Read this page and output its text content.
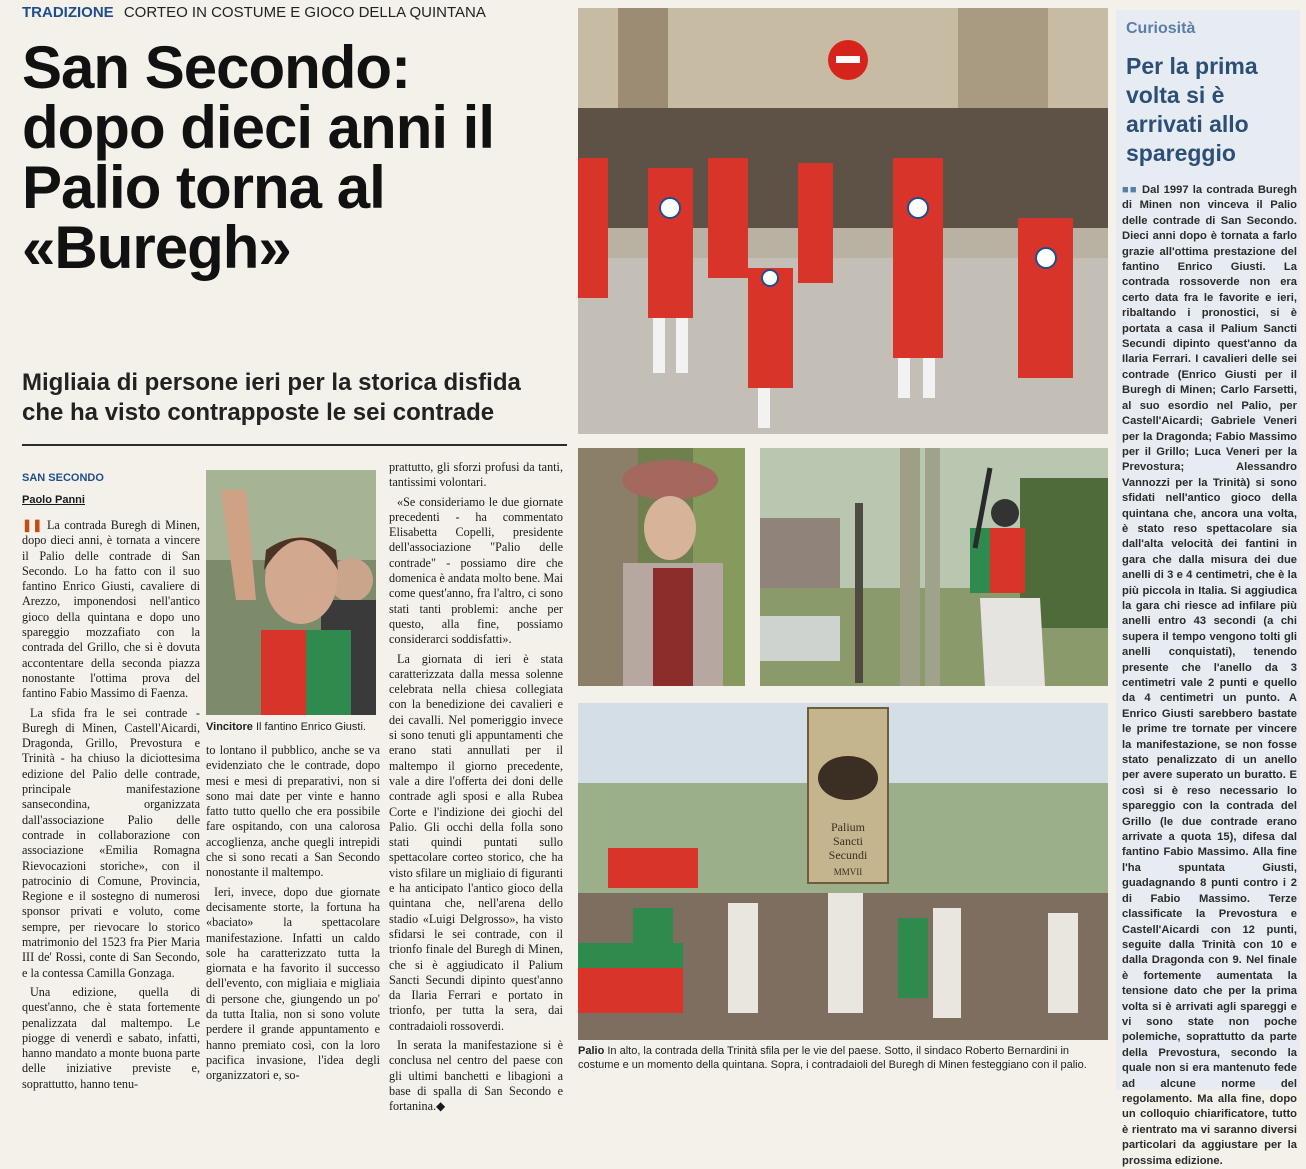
TRADIZIONE CORTEO IN COSTUME E GIOCO DELLA QUINTANA
San Secondo: dopo dieci anni il Palio torna al «Buregh»
Migliaia di persone ieri per la storica disfida che ha visto contrapposte le sei contrade
SAN SECONDO
Paolo Panni

❚❚ La contrada Buregh di Minen, dopo dieci anni, è tornata a vincere il Palio delle contrade di San Secondo. Lo ha fatto con il suo fantino Enrico Giusti, cavaliere di Arezzo, imponendosi nell'antico gioco della quintana e dopo uno spareggio mozzafiato con la contrada del Grillo, che si è dovuta accontentare della seconda piazza nonostante l'ottima prova del fantino Fabio Massimo di Faenza.

La sfida fra le sei contrade - Buregh di Minen, Castell'Aicardi, Dragonda, Grillo, Prevostura e Trinità - ha chiuso la diciottesima edizione del Palio delle contrade, principale manifestazione sansecondina, organizzata dall'associazione Palio delle contrade in collaborazione con associazione «Emilia Romagna Rievocazioni storiche», con il patrocinio di Comune, Provincia, Regione e il sostegno di numerosi sponsor privati e voluto, come sempre, per rievocare lo storico matrimonio del 1523 fra Pier Maria III de' Rossi, conte di San Secondo, e la contessa Camilla Gonzaga.

Una edizione, quella di quest'anno, che è stata fortemente penalizzata dal maltempo. Le piogge di venerdì e sabato, infatti, hanno mandato a monte buona parte delle iniziative previste e, soprattutto, hanno tenu-

Vincitore Il fantino Enrico Giusti.

to lontano il pubblico, anche se va evidenziato che le contrade, dopo mesi e mesi di preparativi, non si sono mai date per vinte e hanno fatto tutto quello che era possibile fare ospitando, con una calorosa accoglienza, anche quegli intrepidi che si sono recati a San Secondo nonostante il maltempo.

Ieri, invece, dopo due giornate decisamente storte, la fortuna ha «baciato» la spettacolare manifestazione. Infatti un caldo sole ha caratterizzato tutta la giornata e ha favorito il successo dell'evento, con migliaia e migliaia di persone che, giungendo un po' da tutta Italia, non si sono volute perdere il grande appuntamento e hanno premiato così, con la loro pacifica invasione, l'idea degli organizzatori e, so-

prattutto, gli sforzi profusi da tanti, tantissimi volontari.

«Se consideriamo le due giornate precedenti - ha commentato Elisabetta Copelli, presidente dell'associazione "Palio delle contrade" - possiamo dire che domenica è andata molto bene. Mai come quest'anno, fra l'altro, ci sono stati tanti problemi: anche per questo, alla fine, possiamo considerarci soddisfatti».

La giornata di ieri è stata caratterizzata dalla messa solenne celebrata nella chiesa collegiata con la benedizione dei cavalieri e dei cavalli. Nel pomeriggio invece si sono tenuti gli appuntamenti che erano stati annullati per il maltempo il giorno precedente, vale a dire l'offerta dei doni delle contrade agli sposi e alla Rubea Corte e l'indizione dei giochi del Palio. Gli occhi della folla sono stati quindi puntati sullo spettacolare corteo storico, che ha visto sfilare un migliaio di figuranti e ha anticipato l'antico gioco della quintana che, nell'arena dello stadio «Luigi Delgrosso», ha visto sfidarsi le sei contrade, con il trionfo finale del Buregh di Minen, che si è aggiudicato il Palium Sancti Secundi dipinto quest'anno da Ilaria Ferrari e portato in trionfo, per tutta la sera, dai contradaioli rossoverdi.

In serata la manifestazione si è conclusa nel centro del paese con gli ultimi banchetti e libagioni a base di spalla di San Secondo e fortanina.◆

Palium
Sancti
Secundi
MMVII
Palio In alto, la contrada della Trinità sfila per le vie del paese. Sotto, il sindaco Roberto Bernardini in costume e un momento della quintana. Sopra, i contradaioli del Buregh di Minen festeggiano con il palio.
Curiosità
Per la prima volta si è arrivati allo spareggio

■■ Dal 1997 la contrada Buregh di Minen non vinceva il Palio delle contrade di San Secondo. Dieci anni dopo è tornata a farlo grazie all'ottima prestazione del fantino Enrico Giusti. La contrada rossoverde non era certo data fra le favorite e ieri, ribaltando i pronostici, si è portata a casa il Palium Sancti Secundi dipinto quest'anno da Ilaria Ferrari. I cavalieri delle sei contrade (Enrico Giusti per il Buregh di Minen; Carlo Farsetti, al suo esordio nel Palio, per Castell'Aicardi; Gabriele Veneri per la Dragonda; Fabio Massimo per il Grillo; Luca Veneri per la Prevostura; Alessandro Vannozzi per la Trinità) si sono sfidati nell'antico gioco della quintana che, ancora una volta, è stato reso spettacolare sia dall'alta velocità dei fantini in gara che dalla misura dei due anelli di 3 e 4 centimetri, che è la più piccola in Italia. Si aggiudica la gara chi riesce ad infilare più anelli entro 43 secondi (a chi supera il tempo vengono tolti gli anelli conquistati), tenendo presente che l'anello da 3 centimetri vale 2 punti e quello da 4 centimetri un punto. A Enrico Giusti sarebbero bastate le prime tre tornate per vincere la manifestazione, se non fosse stato penalizzato di un anello per avere superato un buratto. E così si è reso necessario lo spareggio con la contrada del Grillo (le due contrade erano arrivate a quota 15), difesa dal fantino Fabio Massimo. Alla fine l'ha spuntata Giusti, guadagnando 8 punti contro i 2 di Fabio Massimo. Terze classificate la Prevostura e Castell'Aicardi con 12 punti, seguite dalla Trinità con 10 e dalla Dragonda con 9. Nel finale è fortemente aumentata la tensione dato che per la prima volta si è arrivati agli spareggi e vi sono state non poche polemiche, soprattutto da parte della Prevostura, secondo la quale non si era mantenuto fede ad alcune norme del regolamento. Ma alla fine, dopo un colloquio chiarificatore, tutto è rientrato ma vi saranno diversi particolari da aggiustare per la prossima edizione.
